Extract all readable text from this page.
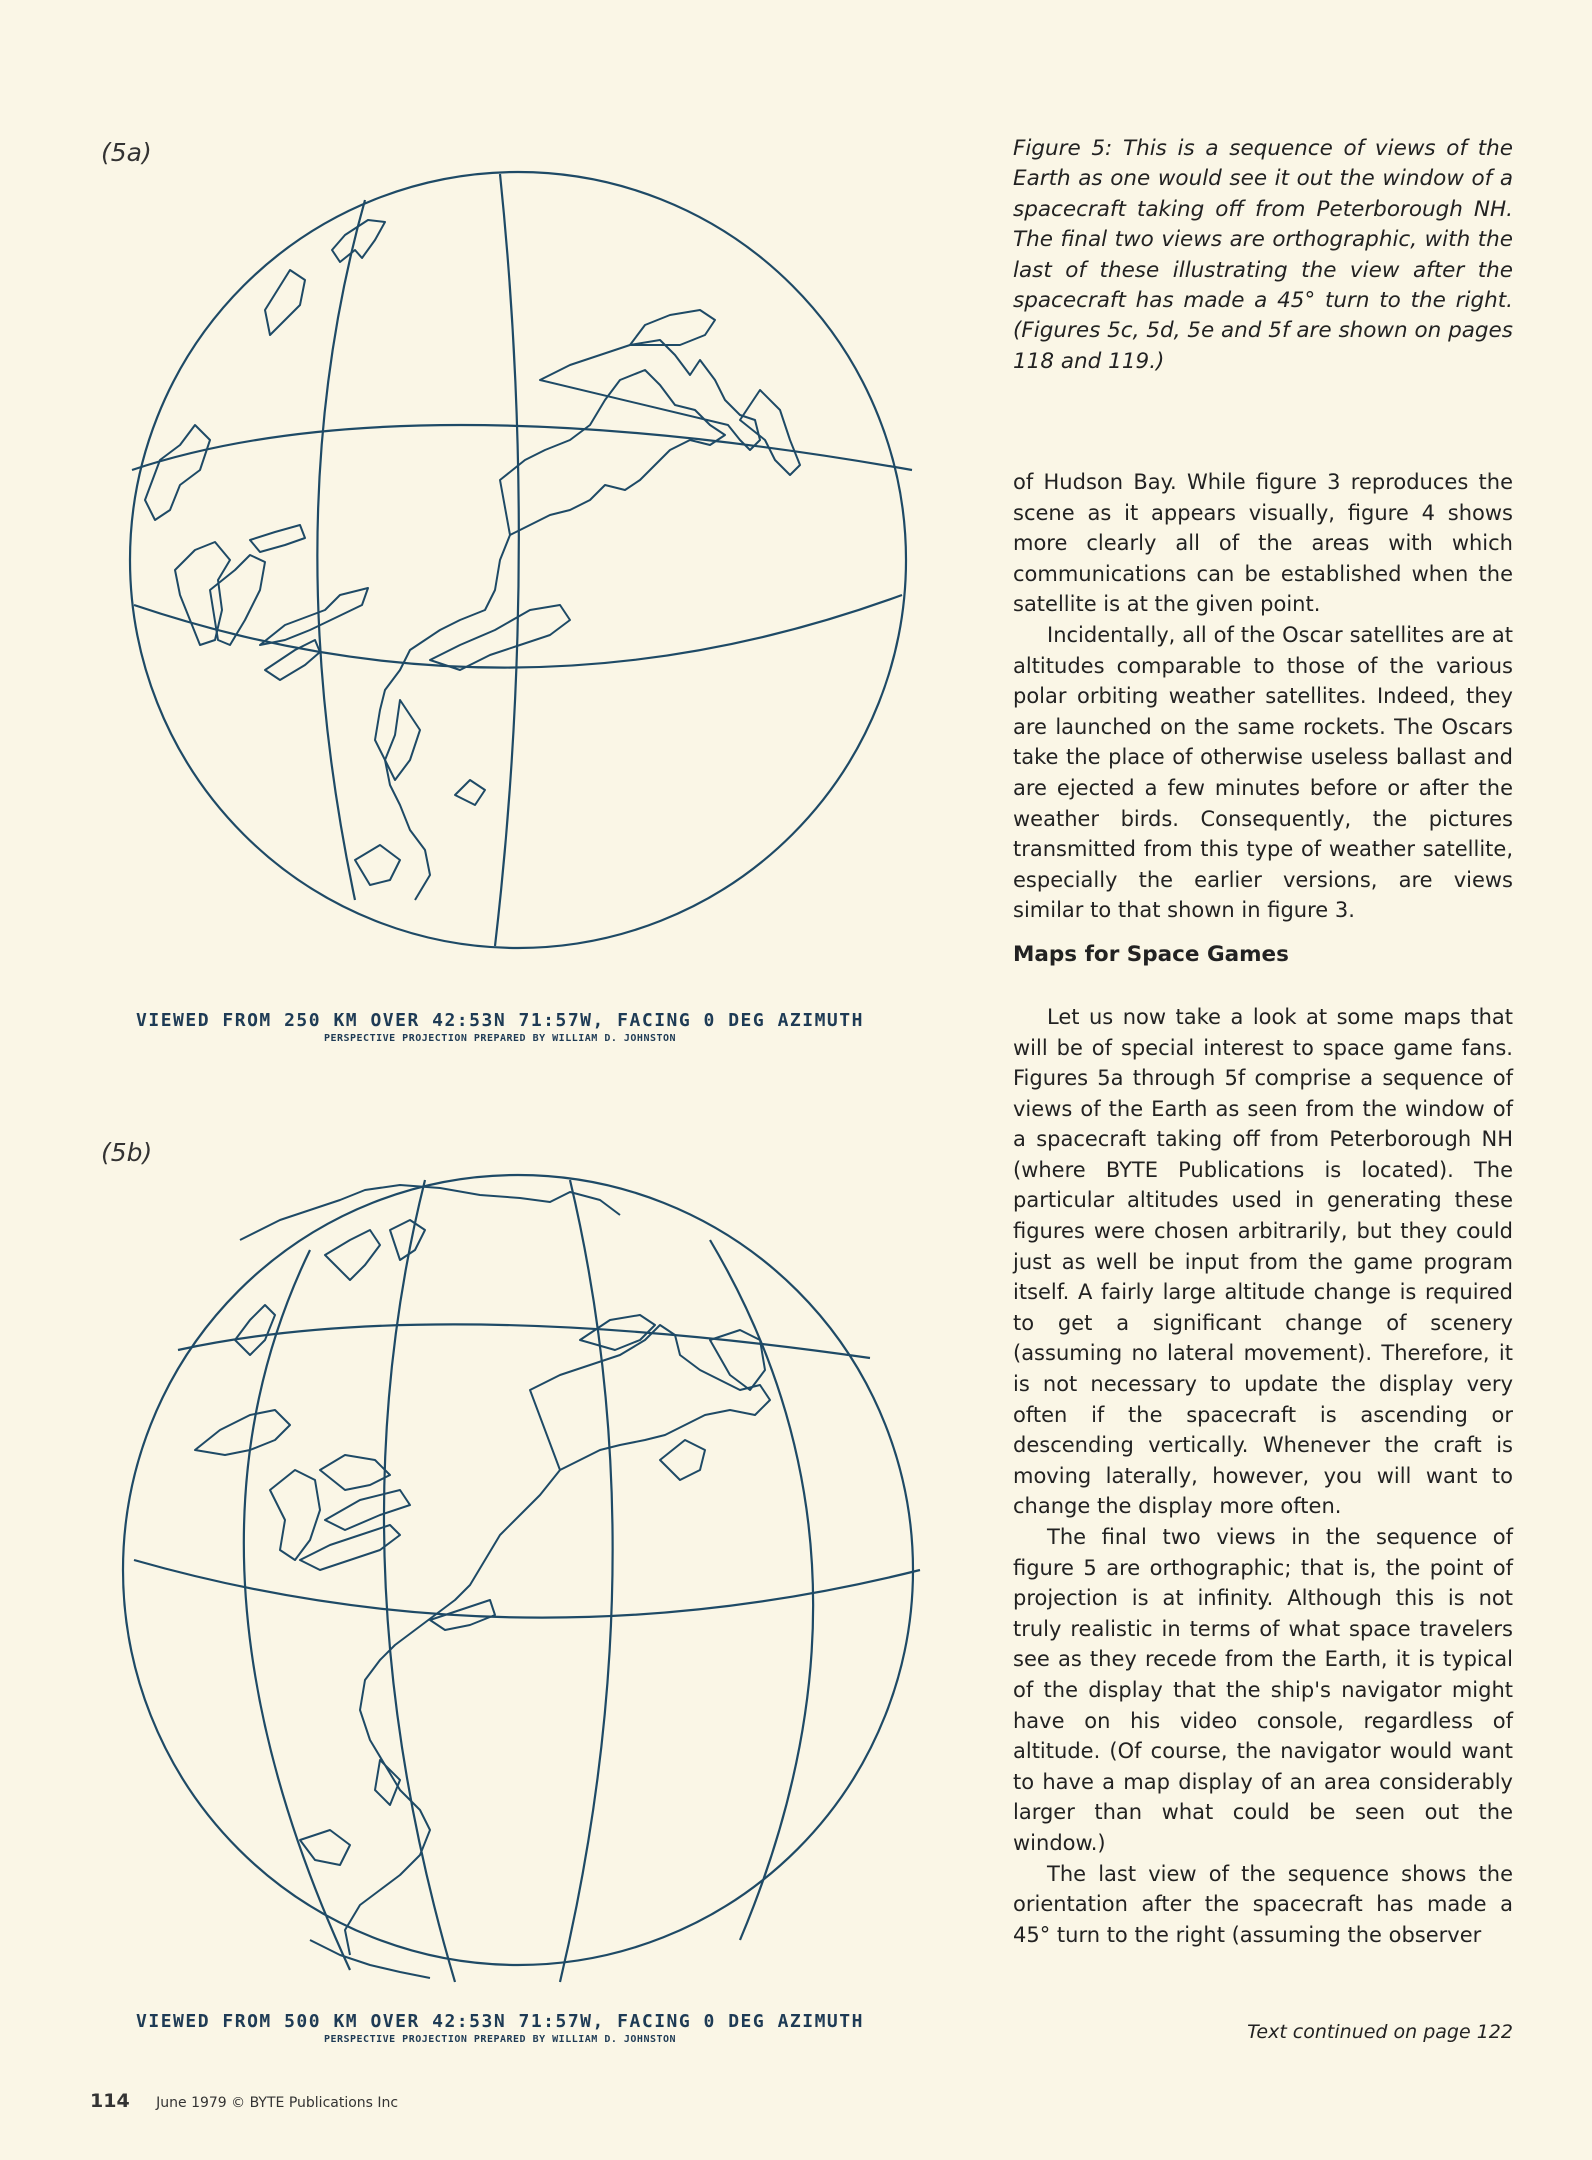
(5a)
VIEWED FROM 250 KM OVER 42:53N 71:57W, FACING 0 DEG AZIMUTH
PERSPECTIVE PROJECTION PREPARED BY WILLIAM D. JOHNSTON
(5b)
VIEWED FROM 500 KM OVER 42:53N 71:57W, FACING 0 DEG AZIMUTH
PERSPECTIVE PROJECTION PREPARED BY WILLIAM D. JOHNSTON
Figure 5: This is a sequence of views of the Earth as one would see it out the window of a spacecraft taking off from Peterborough NH. The final two views are orthographic, with the last of these illustrating the view after the spacecraft has made a 45° turn to the right. (Figures 5c, 5d, 5e and 5f are shown on pages 118 and 119.)

of Hudson Bay. While figure 3 reproduces the scene as it appears visually, figure 4 shows more clearly all of the areas with which communications can be established when the satellite is at the given point.

Incidentally, all of the Oscar satellites are at altitudes comparable to those of the various polar orbiting weather satellites. Indeed, they are launched on the same rockets. The Oscars take the place of otherwise useless ballast and are ejected a few minutes before or after the weather birds. Consequently, the pictures transmitted from this type of weather satellite, especially the earlier versions, are views similar to that shown in figure 3.

Maps for Space Games

Let us now take a look at some maps that will be of special interest to space game fans. Figures 5a through 5f comprise a sequence of views of the Earth as seen from the window of a spacecraft taking off from Peterborough NH (where BYTE Publications is located). The particular altitudes used in generating these figures were chosen arbitrarily, but they could just as well be input from the game program itself. A fairly large altitude change is required to get a significant change of scenery (assuming no lateral movement). Therefore, it is not necessary to update the display very often if the spacecraft is ascending or descending vertically. Whenever the craft is moving laterally, however, you will want to change the display more often.

The final two views in the sequence of figure 5 are orthographic; that is, the point of projection is at infinity. Although this is not truly realistic in terms of what space travelers see as they recede from the Earth, it is typical of the display that the ship's navigator might have on his video console, regardless of altitude. (Of course, the navigator would want to have a map display of an area considerably larger than what could be seen out the window.)

The last view of the sequence shows the orientation after the spacecraft has made a 45° turn to the right (assuming the observer

Text continued on page 122
114 June 1979 © BYTE Publications Inc
